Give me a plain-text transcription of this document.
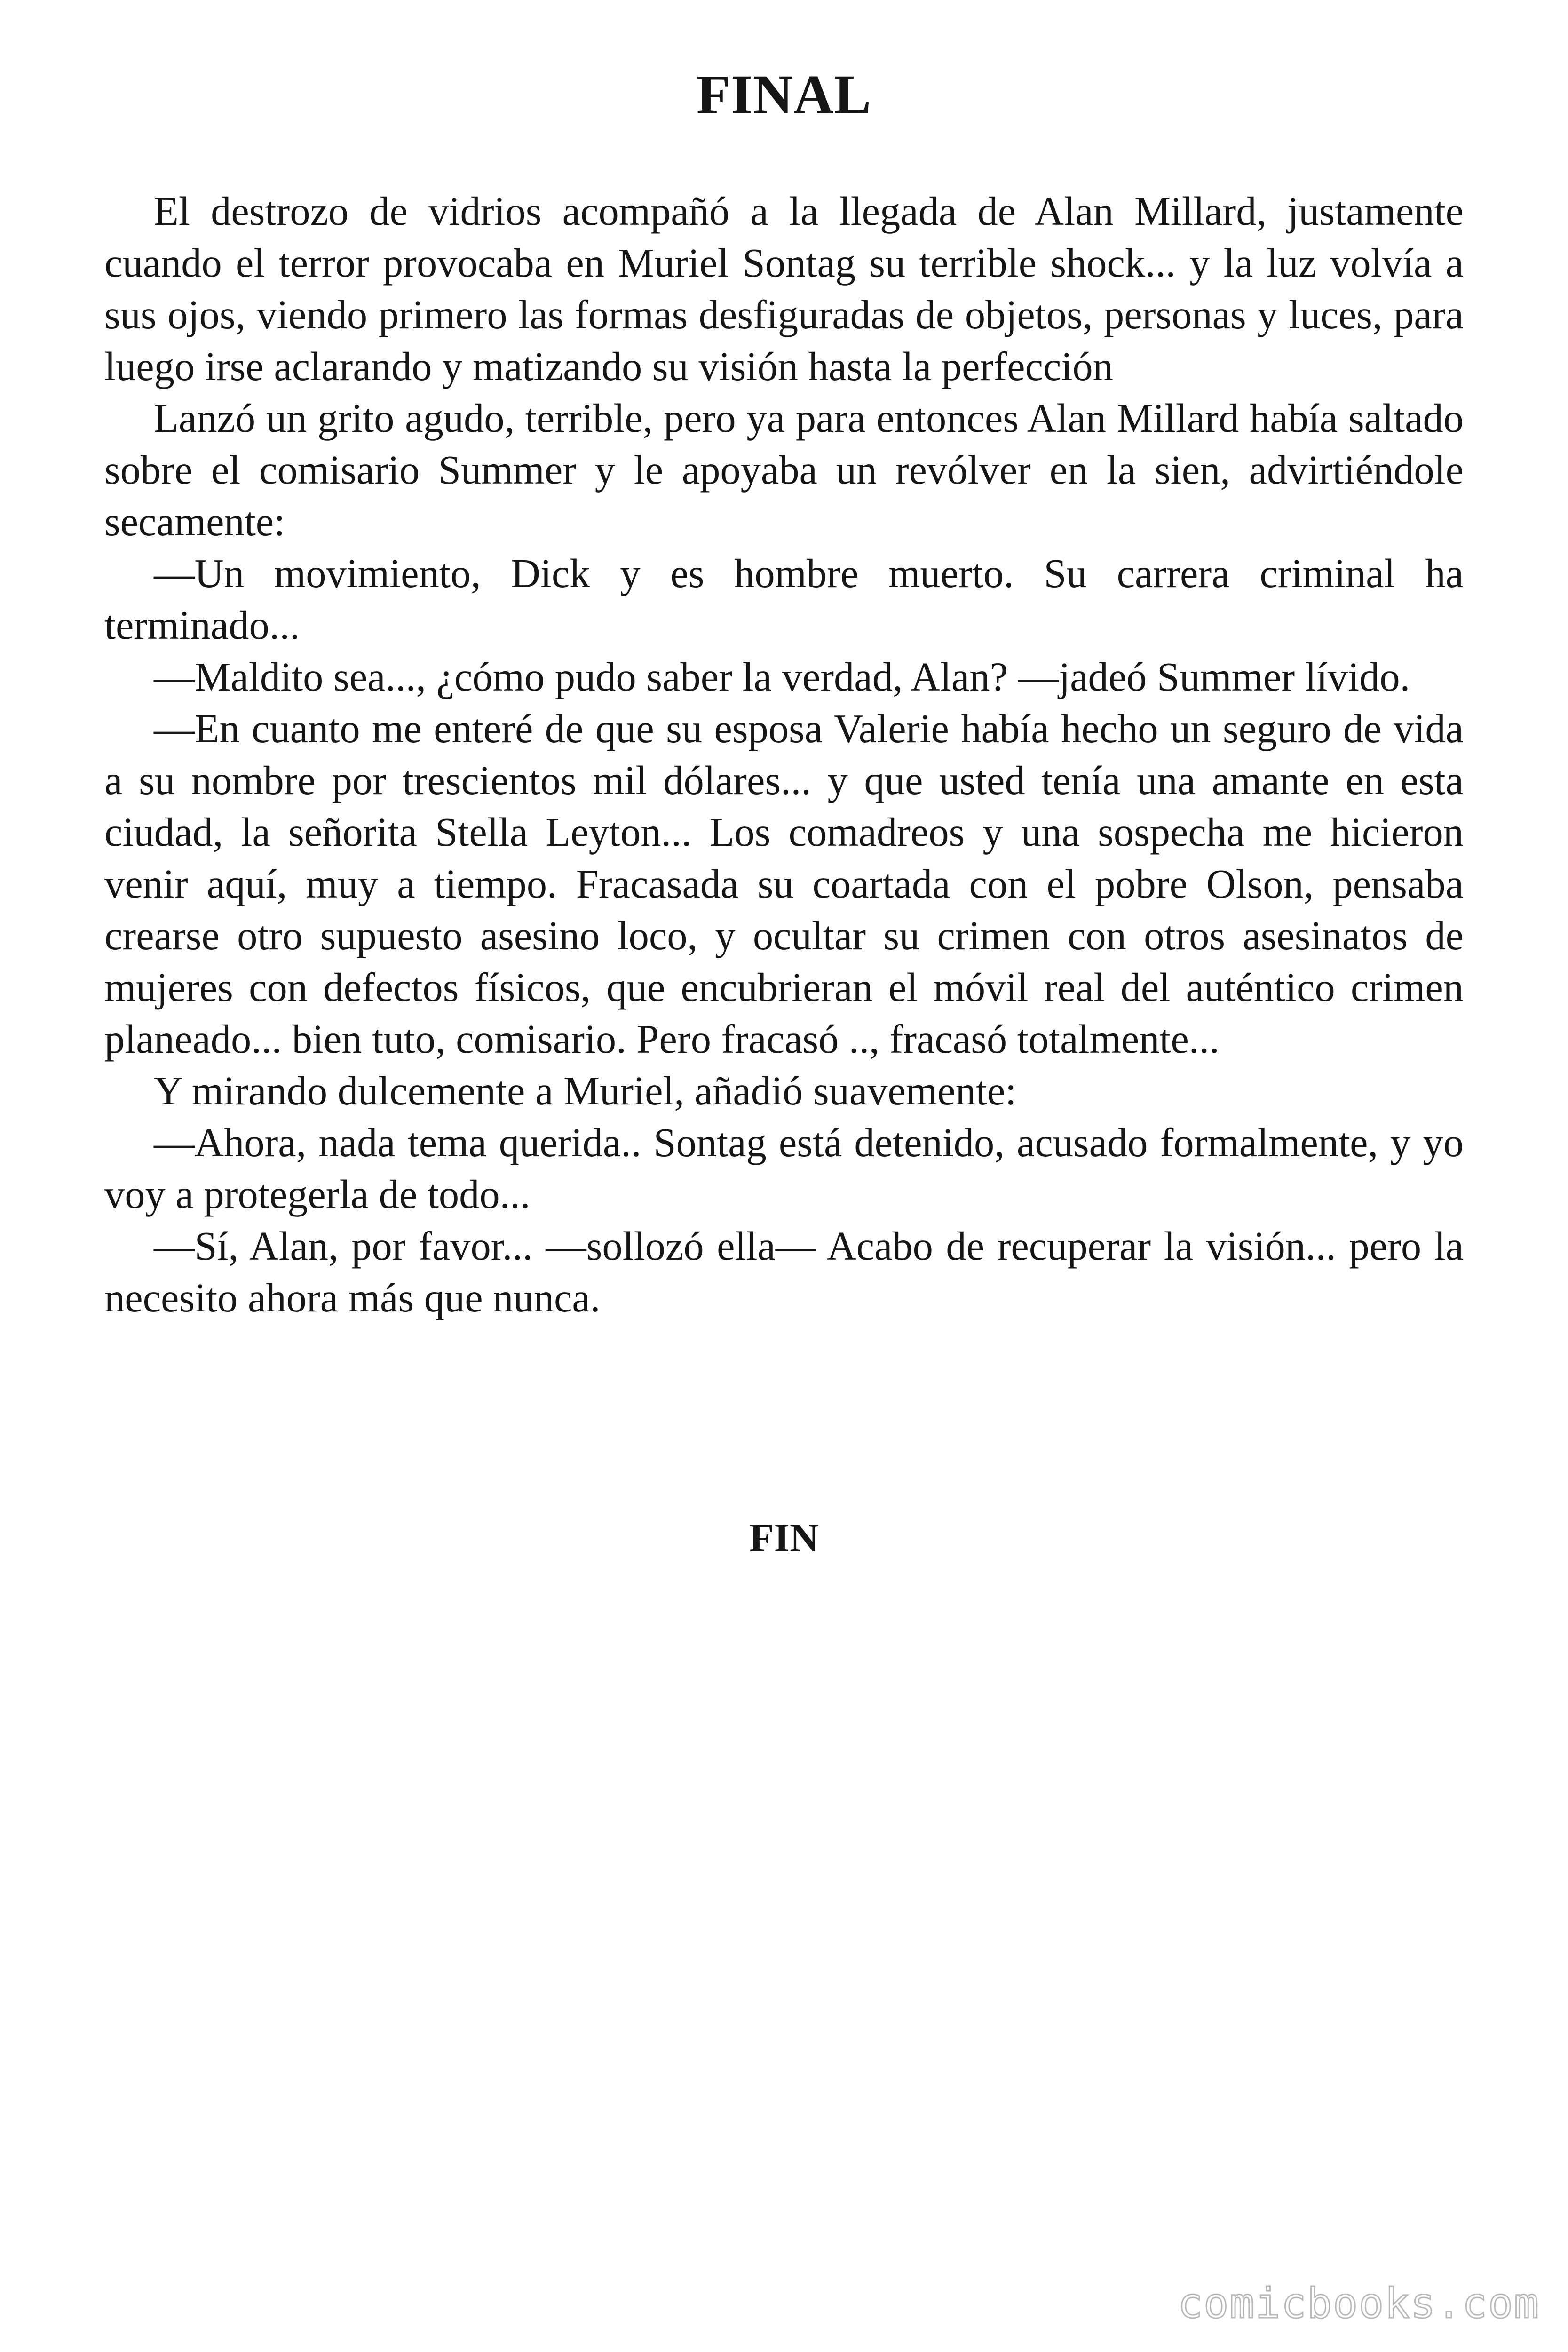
FINAL

El destrozo de vidrios acompañó a la llegada de Alan Millard, justamente cuando el terror provocaba en Muriel Sontag su terrible shock... y la luz volvía a sus ojos, viendo primero las formas desfiguradas de objetos, personas y luces, para luego irse aclarando y matizando su visión hasta la perfección

Lanzó un grito agudo, terrible, pero ya para entonces Alan Millard había saltado sobre el comisario Summer y le apoyaba un revólver en la sien, advirtiéndole secamente:

—Un movimiento, Dick y es hombre muerto. Su carrera criminal ha terminado...

—Maldito sea..., ¿cómo pudo saber la verdad, Alan? —jadeó Summer lívido.

—En cuanto me enteré de que su esposa Valerie había hecho un seguro de vida a su nombre por trescientos mil dólares... y que usted tenía una amante en esta ciudad, la señorita Stella Leyton... Los comadreos y una sospecha me hicieron venir aquí, muy a tiempo. Fracasada su coartada con el pobre Olson, pensaba crearse otro supuesto asesino loco, y ocultar su crimen con otros asesinatos de mujeres con defectos físicos, que encubrieran el móvil real del auténtico crimen planeado... bien tuto, comisario. Pero fracasó .., fracasó totalmente...

Y mirando dulcemente a Muriel, añadió suavemente:

—Ahora, nada tema querida.. Sontag está detenido, acusado formalmente, y yo voy a protegerla de todo...

—Sí, Alan, por favor... —sollozó ella— Acabo de recuperar la visión... pero la necesito ahora más que nunca.

FIN
comicbooks.com
